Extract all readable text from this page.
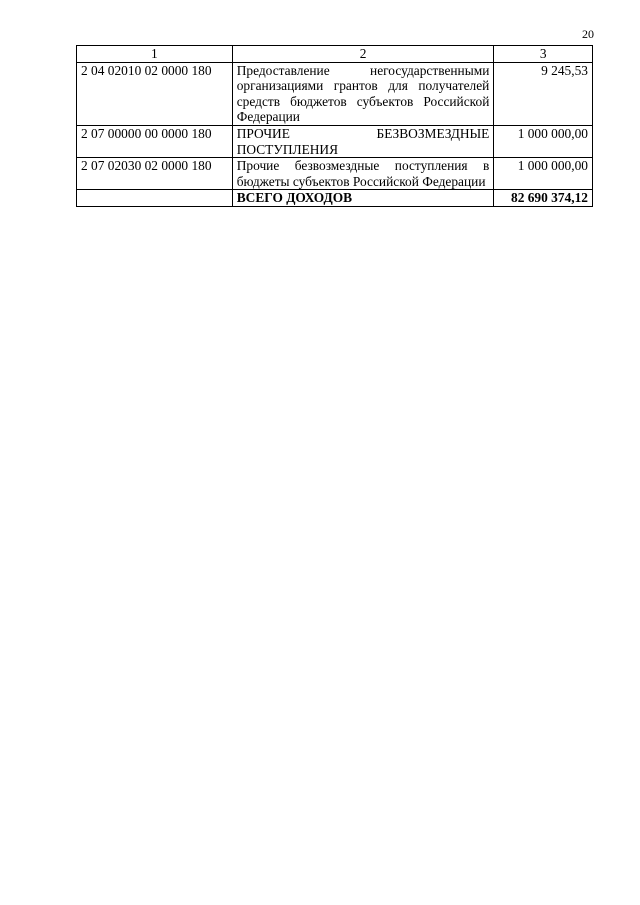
20
1	2	3
2 04 02010 02 0000 180	Предоставление негосударственными организациями грантов для получателей средств бюджетов субъектов Российской Федерации	9 245,53
2 07 00000 00 0000 180	ПРОЧИЕ БЕЗВОЗМЕЗДНЫЕ ПОСТУПЛЕНИЯ	1 000 000,00
2 07 02030 02 0000 180	Прочие безвозмездные поступления в бюджеты субъектов Российской Федерации	1 000 000,00
	ВСЕГО ДОХОДОВ	82 690 374,12
